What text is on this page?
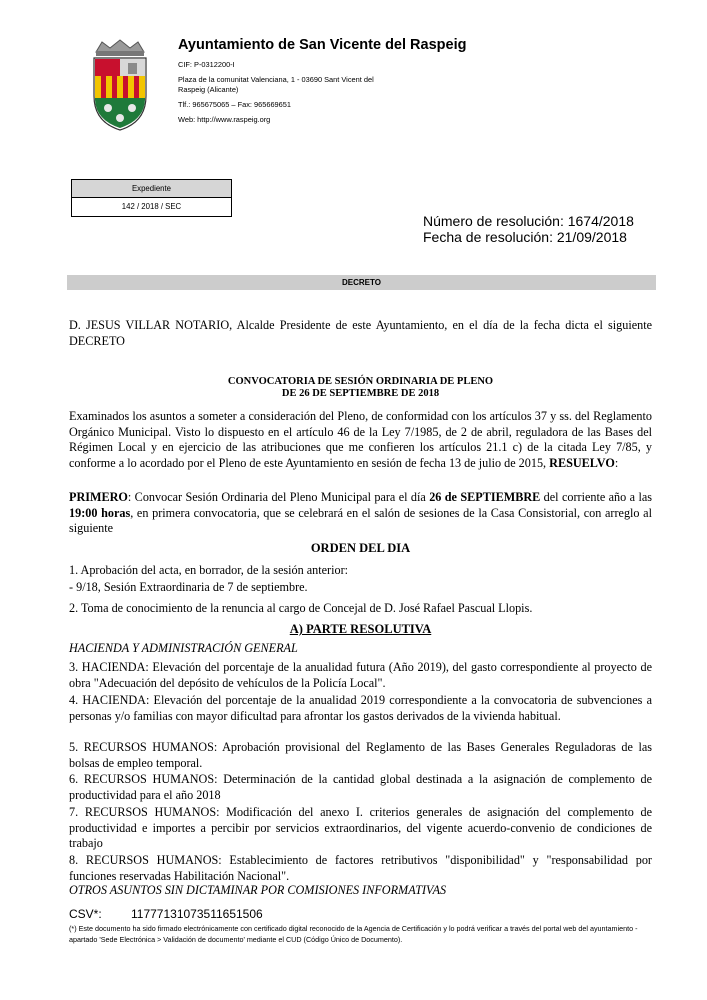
Ayuntamiento de San Vicente del Raspeig
CIF: P-0312200-I
Plaza de la comunitat Valenciana, 1 - 03690 Sant Vicent del
Raspeig (Alicante)
Tlf.: 965675065 – Fax: 965669651
Web: http://www.raspeig.org
Expediente
142 / 2018 / SEC
Número de resolución: 1674/2018
Fecha de resolución: 21/09/2018
DECRETO
D. JESUS VILLAR NOTARIO, Alcalde Presidente de este Ayuntamiento, en el día de la fecha dicta el siguiente DECRETO
CONVOCATORIA DE SESIÓN ORDINARIA DE PLENO
DE 26 DE SEPTIEMBRE DE 2018
Examinados los asuntos a someter a consideración del Pleno, de conformidad con los artículos 37 y ss. del Reglamento Orgánico Municipal. Visto lo dispuesto en el artículo 46 de la Ley 7/1985, de 2 de abril, reguladora de las Bases del Régimen Local y en ejercicio de las atribuciones que me confieren los artículos 21.1 c) de la citada Ley 7/85, y conforme a lo acordado por el Pleno de este Ayuntamiento en sesión de fecha 13 de julio de 2015, RESUELVO:
PRIMERO: Convocar Sesión Ordinaria del Pleno Municipal para el día 26 de SEPTIEMBRE del corriente año a las 19:00 horas, en primera convocatoria, que se celebrará en el salón de sesiones de la Casa Consistorial, con arreglo al siguiente
ORDEN DEL DIA
1. Aprobación del acta, en borrador, de la sesión anterior:
- 9/18, Sesión Extraordinaria de 7 de septiembre.
2. Toma de conocimiento de la renuncia al cargo de Concejal de D. José Rafael Pascual Llopis.
A) PARTE RESOLUTIVA
HACIENDA Y ADMINISTRACIÓN GENERAL
3. HACIENDA: Elevación del porcentaje de la anualidad futura (Año 2019), del gasto correspondiente al proyecto de obra "Adecuación del depósito de vehículos de la Policía Local".
4. HACIENDA: Elevación del porcentaje de la anualidad 2019 correspondiente a la convocatoria de subvenciones a personas y/o familias con mayor dificultad para afrontar los gastos derivados de la vivienda habitual.
5. RECURSOS HUMANOS: Aprobación provisional del Reglamento de las Bases Generales Reguladoras de las bolsas de empleo temporal.
6. RECURSOS HUMANOS: Determinación de la cantidad global destinada a la asignación de complemento de productividad para el año 2018
7. RECURSOS HUMANOS: Modificación del anexo I. criterios generales de asignación del complemento de productividad e importes a percibir por servicios extraordinarios, del vigente acuerdo-convenio de condiciones de trabajo
8. RECURSOS HUMANOS: Establecimiento de factores retributivos "disponibilidad" y "responsabilidad por funciones reservadas Habilitación Nacional".
OTROS ASUNTOS SIN DICTAMINAR POR COMISIONES INFORMATIVAS
CSV*: 11777131073511651506
(*) Este documento ha sido firmado electrónicamente con certificado digital reconocido de la Agencia de Certificación y lo podrá verificar a través del portal web del ayuntamiento - apartado 'Sede Electrónica > Validación de documento' mediante el CUD (Código Único de Documento).
